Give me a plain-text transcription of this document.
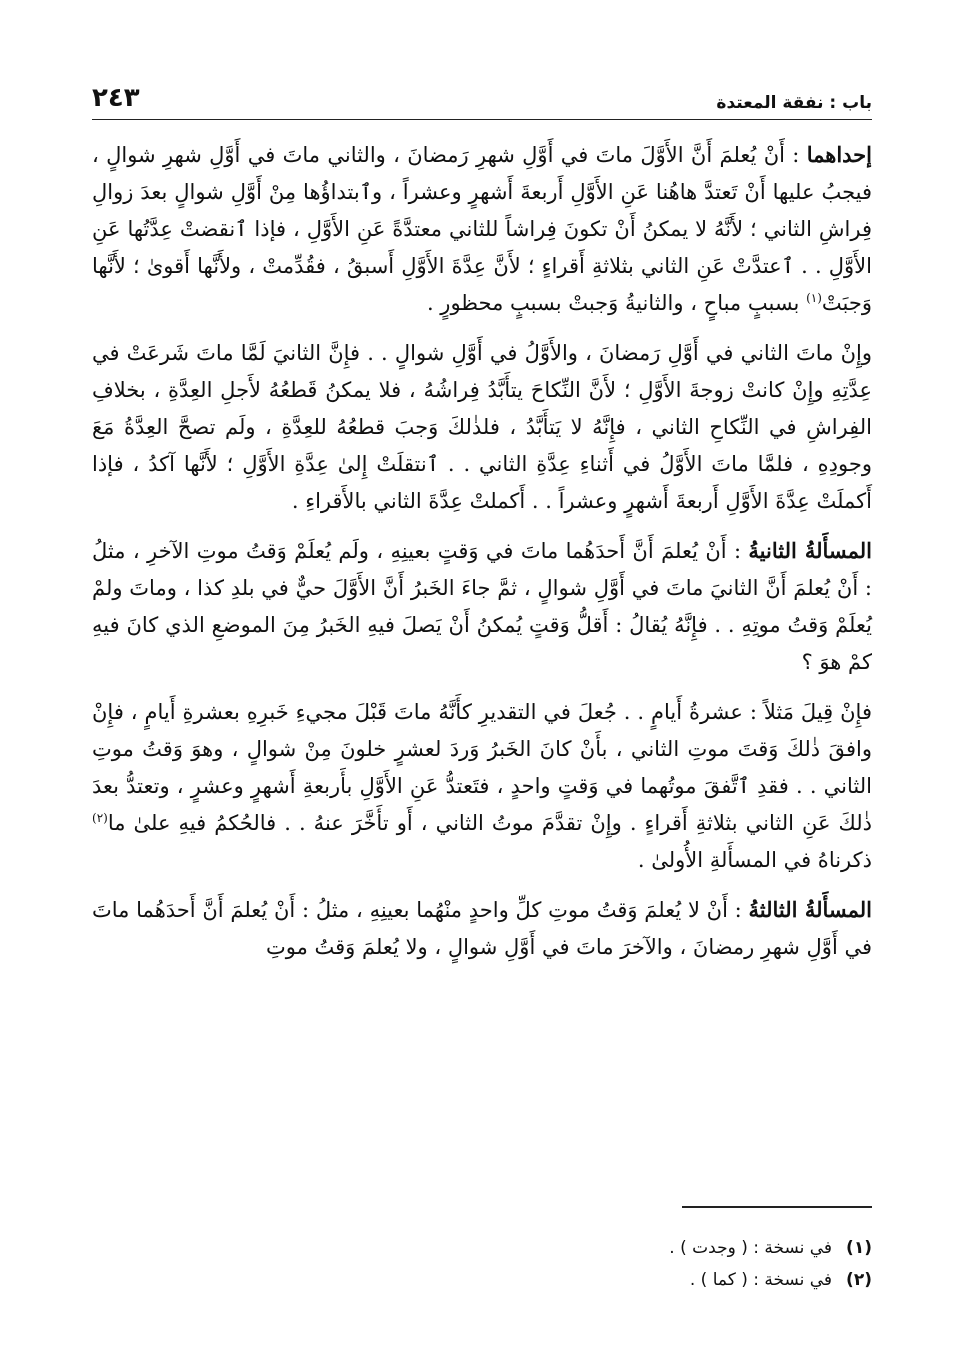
باب : نفقة المعتدة
٢٤٣

إحداهما : أَنْ يُعلمَ أَنَّ الأَوَّلَ ماتَ في أَوَّلِ شهرِ رَمضانَ ، والثاني ماتَ في أَوَّلِ شهرِ شوالٍ ، فيجبُ عليها أَنْ تَعتدَّ هاهُنا عَنِ الأَوَّلِ أَربعةَ أَشهرٍ وعشراً ، وٱبتداؤُها مِنْ أَوَّلِ شوالٍ بعدَ زوالِ فِراشِ الثاني ؛ لأَنَّهُ لا يمكنُ أَنْ تكونَ فِراشاً للثاني معتدَّةً عَنِ الأَوَّلِ ، فإذا ٱنقضتْ عِدَّتُها عَنِ الأَوَّلِ . . ٱعتدَّتْ عَنِ الثاني بثلاثةِ أَقراءٍ ؛ لأَنَّ عِدَّةَ الأَوَّلِ أَسبقُ ، فقُدِّمتْ ، ولأَنَّها أَقوىٰ ؛ لأَنَّها وَجبَتْ$^{(١)}$ بسببٍ مباحٍ ، والثانيةُ وَجبتْ بسببٍ محظورٍ .

وإِنْ ماتَ الثاني في أَوَّلِ رَمضانَ ، والأَوَّلُ في أَوَّلِ شوالٍ . . فإِنَّ الثانيَ لَمَّا ماتَ شَرعَتْ في عِدَّتِهِ وإِنْ كانتْ زوجةَ الأَوَّلِ ؛ لأَنَّ النِّكاحَ يتأَبَّدُ فِراشُهُ ، فلا يمكنُ قَطعُهُ لأَجلِ العِدَّةِ ، بخلافِ الفِراشِ في النِّكاحِ الثاني ، فإِنَّهُ لا يَتأَبَّدُ ، فلذٰلكَ وَجبَ قطعُهُ للعِدَّةِ ، ولَم تصحَّ العِدَّةُ مَعَ وجودِهِ ، فلمَّا ماتَ الأَوَّلُ في أَثناءِ عِدَّةِ الثاني . . ٱنتقلَتْ إِلىٰ عِدَّةِ الأَوَّلِ ؛ لأَنَّها آكدُ ، فإذا أَكملَتْ عِدَّةَ الأَوَّلِ أَربعةَ أَشهرٍ وعشراً . . أَكملتْ عِدَّةَ الثاني بالأَقراءِ .

المسأَلةُ الثانيةُ : أَنْ يُعلمَ أَنَّ أَحدَهُما ماتَ في وَقتٍ بعينِهِ ، ولَم يُعلَمْ وَقتُ موتِ الآخرِ ، مثلُ : أَنْ يُعلمَ أَنَّ الثانيَ ماتَ في أَوَّلِ شوالٍ ، ثمَّ جاءَ الخَبرُ أَنَّ الأَوَّلَ حيٌّ في بلدِ كذا ، وماتَ ولمْ يُعلَمْ وَقتُ موتِهِ . . فإِنَّهُ يُقالُ : أَقلُّ وَقتٍ يُمكنُ أَنْ يَصلَ فيهِ الخَبرُ مِنَ الموضعِ الذي كانَ فيهِ كمْ هوَ ؟

فإِنْ قِيلَ مَثلاً : عشرةُ أَيامٍ . . جُعلَ في التقديرِ كأَنَّهُ ماتَ قَبْلَ مجيءِ خَبرِهِ بعشرةِ أَيامٍ ، فإِنْ وافقَ ذٰلكَ وَقتَ موتِ الثاني ، بأَنْ كانَ الخَبرُ وَردَ لعشرٍ خلونَ مِنْ شوالٍ ، وهوَ وَقتُ موتِ الثاني . . فقدِ ٱتَّفقَ موتُهما في وَقتٍ واحدٍ ، فتَعتدُّ عَنِ الأَوَّلِ بأَربعةِ أَشهرٍ وعشرٍ ، وتعتدُّ بعدَ ذٰلكَ عَنِ الثاني بثلاثةِ أَقراءٍ . وإِنْ تقدَّمَ موتُ الثاني ، أَو تأَخَّرَ عنهُ . . فالحُكمُ فيهِ علىٰ ما$^{(٢)}$ ذكرناهُ في المسأَلةِ الأُولىٰ .

المسأَلةُ الثالثةُ : أَنْ لا يُعلمَ وَقتُ موتِ كلِّ واحدٍ منْهُما بعينِهِ ، مثلُ : أَنْ يُعلمَ أَنَّ أَحدَهُما ماتَ في أَوَّلِ شهرِ رمضانَ ، والآخرَ ماتَ في أَوَّلِ شوالٍ ، ولا يُعلمَ وَقتُ موتِ

(١)في نسخة : ( وجدت ) .
(٢)في نسخة : ( كما ) .
